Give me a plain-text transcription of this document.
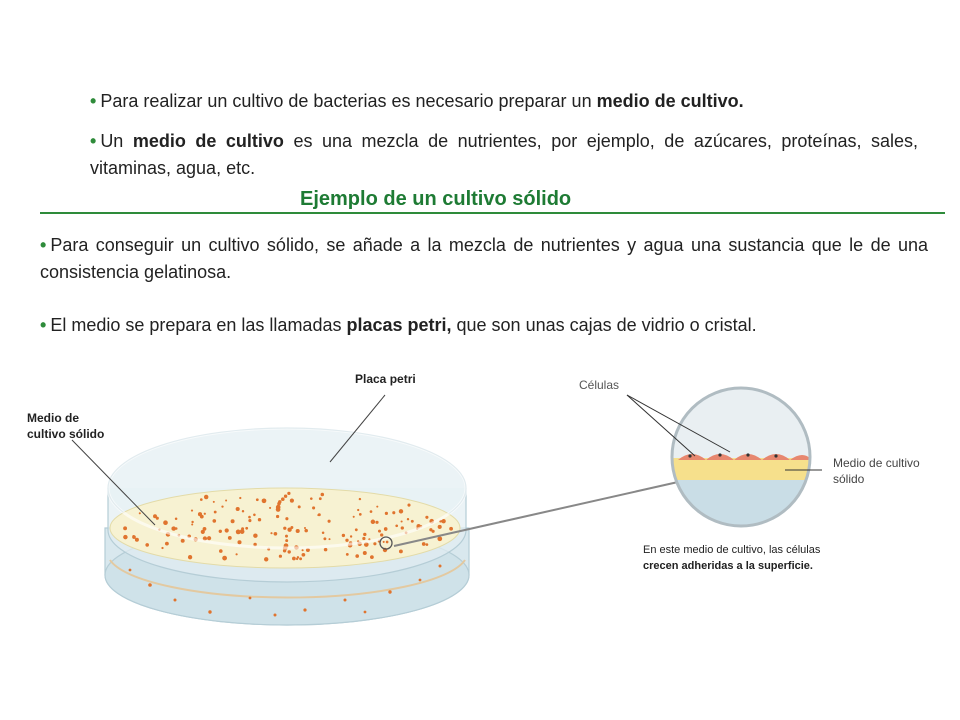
• Para realizar un cultivo de bacterias es necesario preparar un medio de cultivo.

• Un medio de cultivo es una mezcla de nutrientes, por ejemplo, de azúcares, proteínas, sales, vitaminas, agua, etc.

Ejemplo de un cultivo sólido

• Para conseguir un cultivo sólido, se añade a la mezcla de nutrientes y agua una sustancia que le de una consistencia gelatinosa.

• El medio se prepara en las llamadas placas petri, que son unas cajas de vidrio o cristal.

Placa petri

Medio de
cultivo sólido

Células

Medio de cultivo
sólido

En este medio de cultivo, las células
crecen adheridas a la superficie.
